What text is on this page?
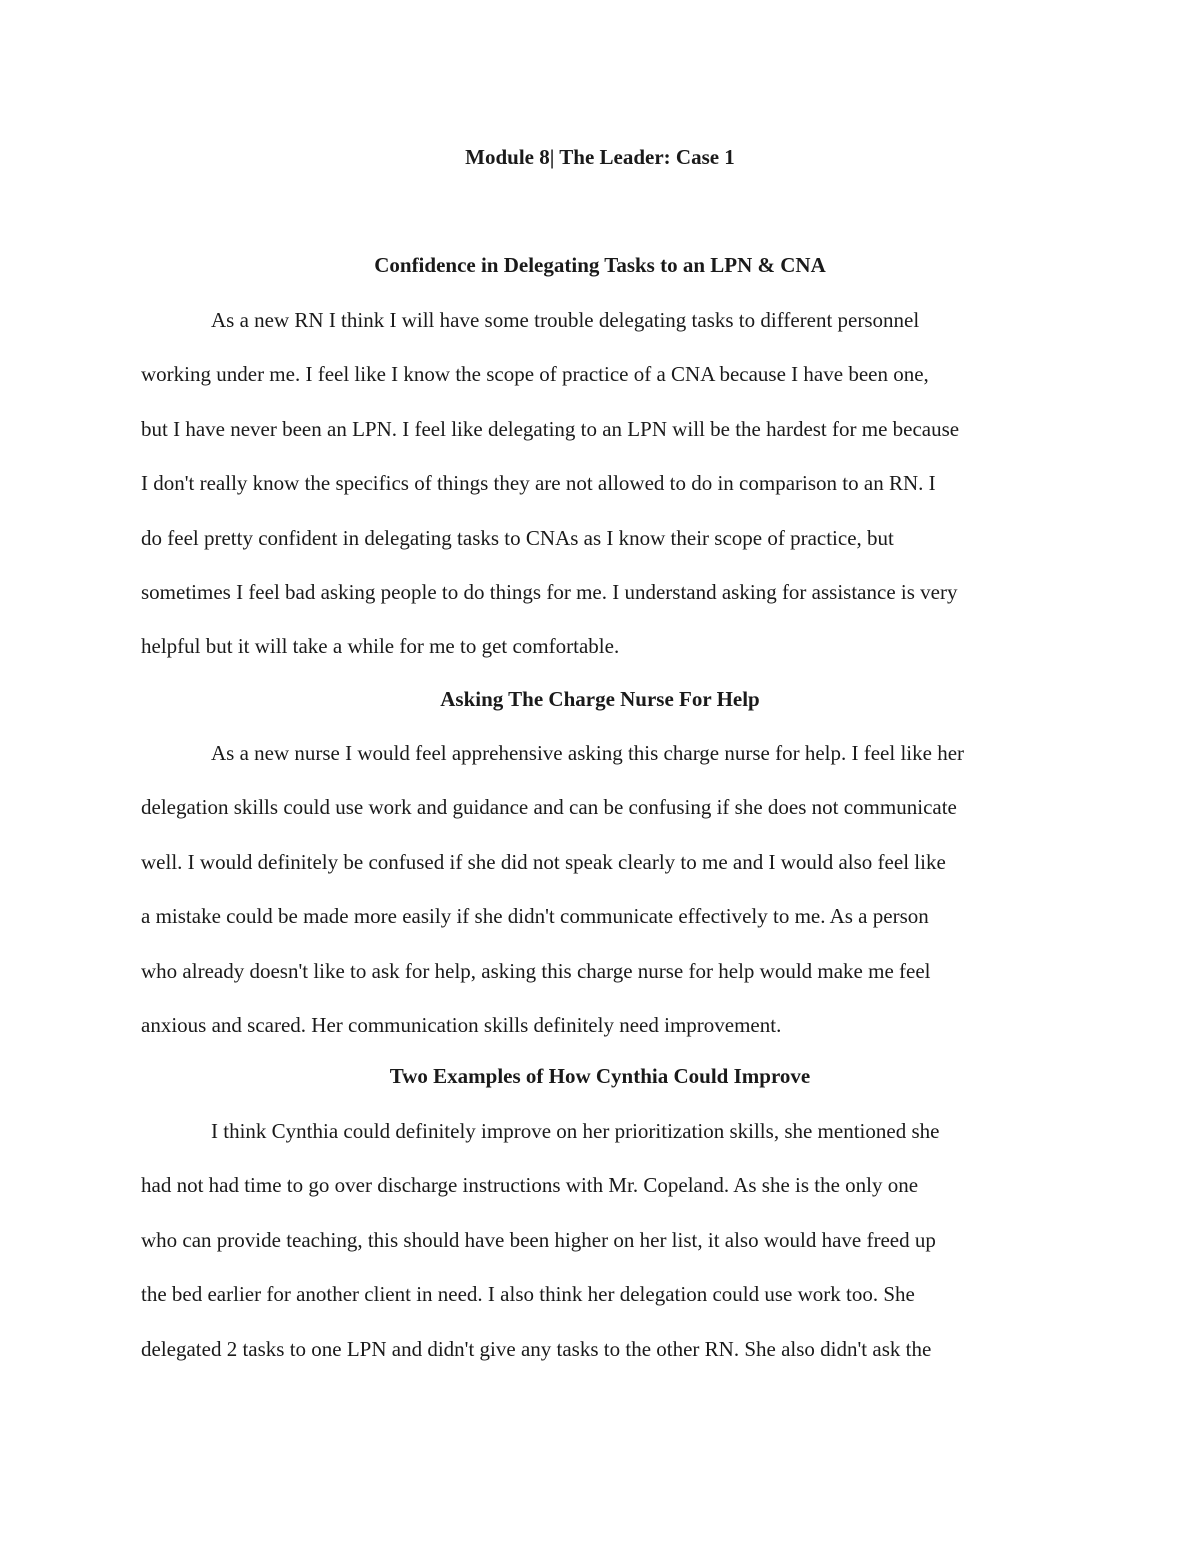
Module 8| The Leader: Case 1
Confidence in Delegating Tasks to an LPN & CNA
As a new RN I think I will have some trouble delegating tasks to different personnel
working under me. I feel like I know the scope of practice of a CNA because I have been one,
but I have never been an LPN. I feel like delegating to an LPN will be the hardest for me because
I don't really know the specifics of things they are not allowed to do in comparison to an RN. I
do feel pretty confident in delegating tasks to CNAs as I know their scope of practice, but
sometimes I feel bad asking people to do things for me. I understand asking for assistance is very
helpful but it will take a while for me to get comfortable.
Asking The Charge Nurse For Help
As a new nurse I would feel apprehensive asking this charge nurse for help. I feel like her
delegation skills could use work and guidance and can be confusing if she does not communicate
well. I would definitely be confused if she did not speak clearly to me and I would also feel like
a mistake could be made more easily if she didn't communicate effectively to me. As a person
who already doesn't like to ask for help, asking this charge nurse for help would make me feel
anxious and scared. Her communication skills definitely need improvement.
Two Examples of How Cynthia Could Improve
I think Cynthia could definitely improve on her prioritization skills, she mentioned she
had not had time to go over discharge instructions with Mr. Copeland. As she is the only one
who can provide teaching, this should have been higher on her list, it also would have freed up
the bed earlier for another client in need. I also think her delegation could use work too. She
delegated 2 tasks to one LPN and didn't give any tasks to the other RN. She also didn't ask the
